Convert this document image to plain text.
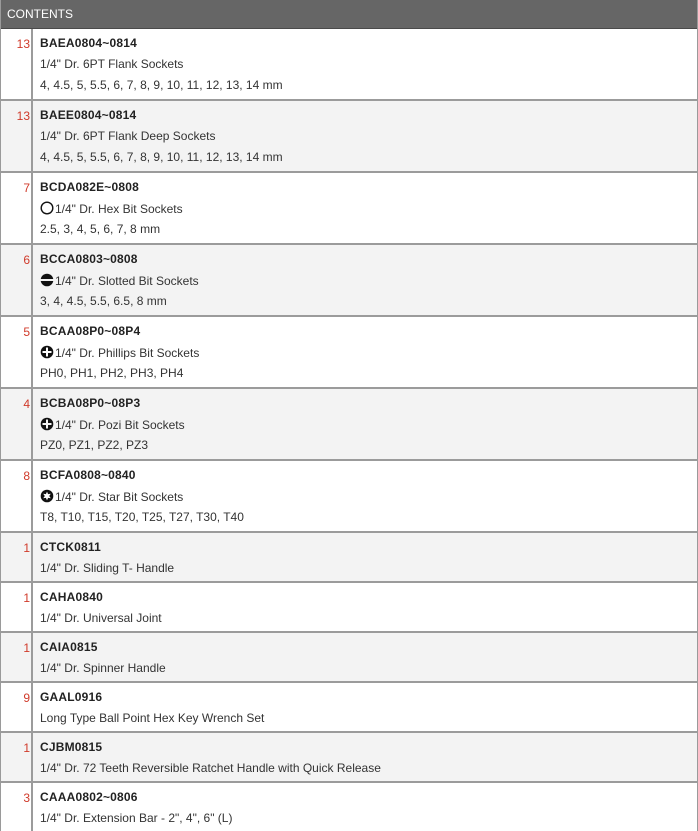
CONTENTS
13 BAEA0804~0814
1/4" Dr. 6PT Flank Sockets
4, 4.5, 5, 5.5, 6, 7, 8, 9, 10, 11, 12, 13, 14 mm
13 BAEE0804~0814
1/4" Dr. 6PT Flank Deep Sockets
4, 4.5, 5, 5.5, 6, 7, 8, 9, 10, 11, 12, 13, 14 mm
7 BCDA082E~0808
1/4" Dr. Hex Bit Sockets
2.5, 3, 4, 5, 6, 7, 8 mm
6 BCCA0803~0808
1/4" Dr. Slotted Bit Sockets
3, 4, 4.5, 5.5, 6.5, 8 mm
5 BCAA08P0~08P4
1/4" Dr. Phillips Bit Sockets
PH0, PH1, PH2, PH3, PH4
4 BCBA08P0~08P3
1/4" Dr. Pozi Bit Sockets
PZ0, PZ1, PZ2, PZ3
8 BCFA0808~0840
1/4" Dr. Star Bit Sockets
T8, T10, T15, T20, T25, T27, T30, T40
1 CTCK0811
1/4" Dr. Sliding T- Handle
1 CAHA0840
1/4" Dr. Universal Joint
1 CAIA0815
1/4" Dr. Spinner Handle
9 GAAL0916
Long Type Ball Point Hex Key Wrench Set
1 CJBM0815
1/4" Dr. 72 Teeth Reversible Ratchet Handle with Quick Release
3 CAAA0802~0806
1/4" Dr. Extension Bar - 2", 4", 6" (L)
